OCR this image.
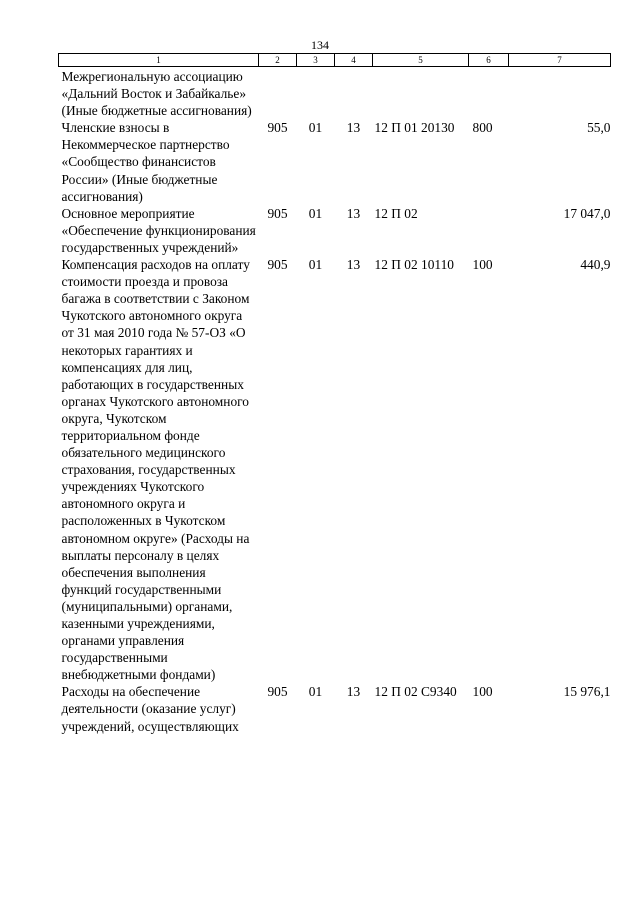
134
1	2	3	4	5	6	7
Межрегиональную ассоциацию «Дальний Восток и Забайкалье» (Иные бюджетные ассигнования)						
Членские взносы в Некоммерческое партнерство «Сообщество финансистов России» (Иные бюджетные ассигнования)	905	01	13	12 П 01 20130	800	55,0
Основное мероприятие «Обеспечение функционирования государственных учреждений»	905	01	13	12 П 02		17 047,0
Компенсация расходов на оплату стоимости проезда и провоза багажа в соответствии с Законом Чукотского автономного округа от 31 мая 2010 года № 57-ОЗ «О некоторых гарантиях и компенсациях для лиц, работающих в государственных органах Чукотского автономного округа, Чукотском территориальном фонде обязательного медицинского страхования, государственных учреждениях Чукотского автономного округа и расположенных в Чукотском автономном округе» (Расходы на выплаты персоналу в целях обеспечения выполнения функций государственными (муниципальными) органами, казенными учреждениями, органами управления государственными внебюджетными фондами)	905	01	13	12 П 02 10110	100	440,9
Расходы на обеспечение деятельности (оказание услуг) учреждений, осуществляющих	905	01	13	12 П 02 С9340	100	15 976,1
